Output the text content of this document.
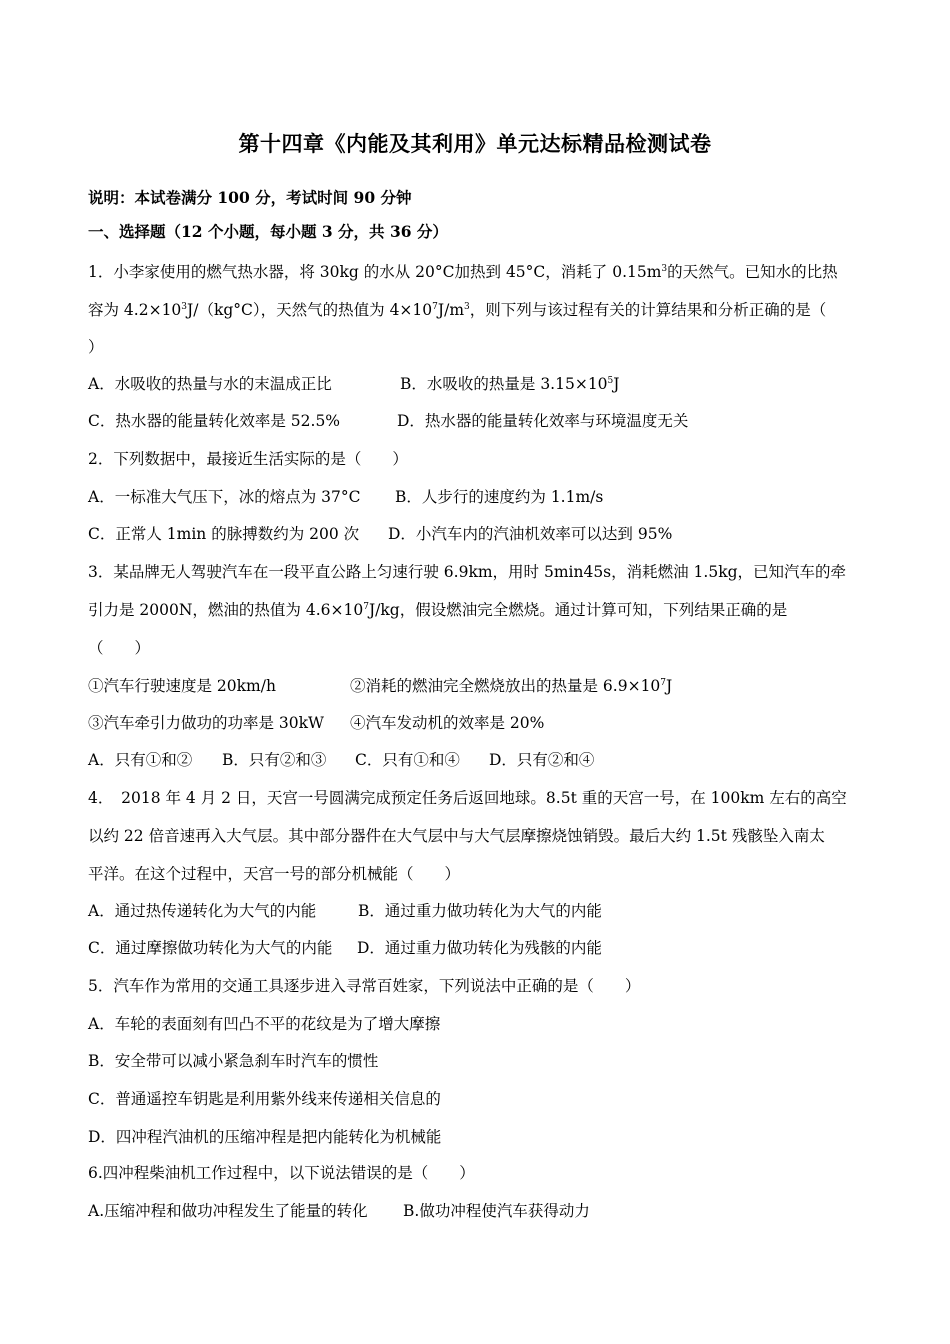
第十四章《内能及其利用》单元达标精品检测试卷
说明：本试卷满分 100 分，考试时间 90 分钟
一、选择题（12 个小题，每小题 3 分，共 36 分）
1．小李家使用的燃气热水器，将 30kg 的水从 20°C加热到 45°C，消耗了 $0.15m^3$的天然气。已知水的比热
容为 $4.2\times 10^3J/(kg^\circ C)$，天然气的热值为 $4\times 10^7J/m^3$，则下列与该过程有关的计算结果和分析正确的是（
）
A．水吸收的热量与水的末温成正比	B．水吸收的热量是 $3.15\times 10^5J$
C．热水器的能量转化效率是 52.5%	D．热水器的能量转化效率与环境温度无关
2．下列数据中，最接近生活实际的是（　　）
A．一标准大气压下，冰的熔点为 37°C B．人步行的速度约为 1.1m/s
C．正常人 1min 的脉搏数约为 200 次 D．小汽车内的汽油机效率可以达到 95%
3．某品牌无人驾驶汽车在一段平直公路上匀速行驶 6.9km，用时 5min45s，消耗燃油 1.5kg，已知汽车的牵
引力是 2000N，燃油的热值为 $4.6\times 10^7J/kg$，假设燃油完全燃烧。通过计算可知，下列结果正确的是
（　　）
①汽车行驶速度是 20km/h	②消耗的燃油完全燃烧放出的热量是 $6.9\times 10^7J$
③汽车牵引力做功的功率是 30kW ④汽车发动机的效率是 20%
A．只有①和② B．只有②和③ C．只有①和④ D．只有②和④
4．　2018 年 4 月 2 日，天宫一号圆满完成预定任务后返回地球。8.5t 重的天宫一号，在 100km 左右的高空
以约 22 倍音速再入大气层。其中部分器件在大气层中与大气层摩擦烧蚀销毁。最后大约 1.5t 残骸坠入南太
平洋。在这个过程中，天宫一号的部分机械能（　　）
A．通过热传递转化为大气的内能	B．通过重力做功转化为大气的内能
C．通过摩擦做功转化为大气的内能 D．通过重力做功转化为残骸的内能
5．汽车作为常用的交通工具逐步进入寻常百姓家，下列说法中正确的是（　　）
A．车轮的表面刻有凹凸不平的花纹是为了增大摩擦
B．安全带可以减小紧急刹车时汽车的惯性
C．普通遥控车钥匙是利用紫外线来传递相关信息的
D．四冲程汽油机的压缩冲程是把内能转化为机械能
6.四冲程柴油机工作过程中，以下说法错误的是（　　）
A.压缩冲程和做功冲程发生了能量的转化 B.做功冲程使汽车获得动力
